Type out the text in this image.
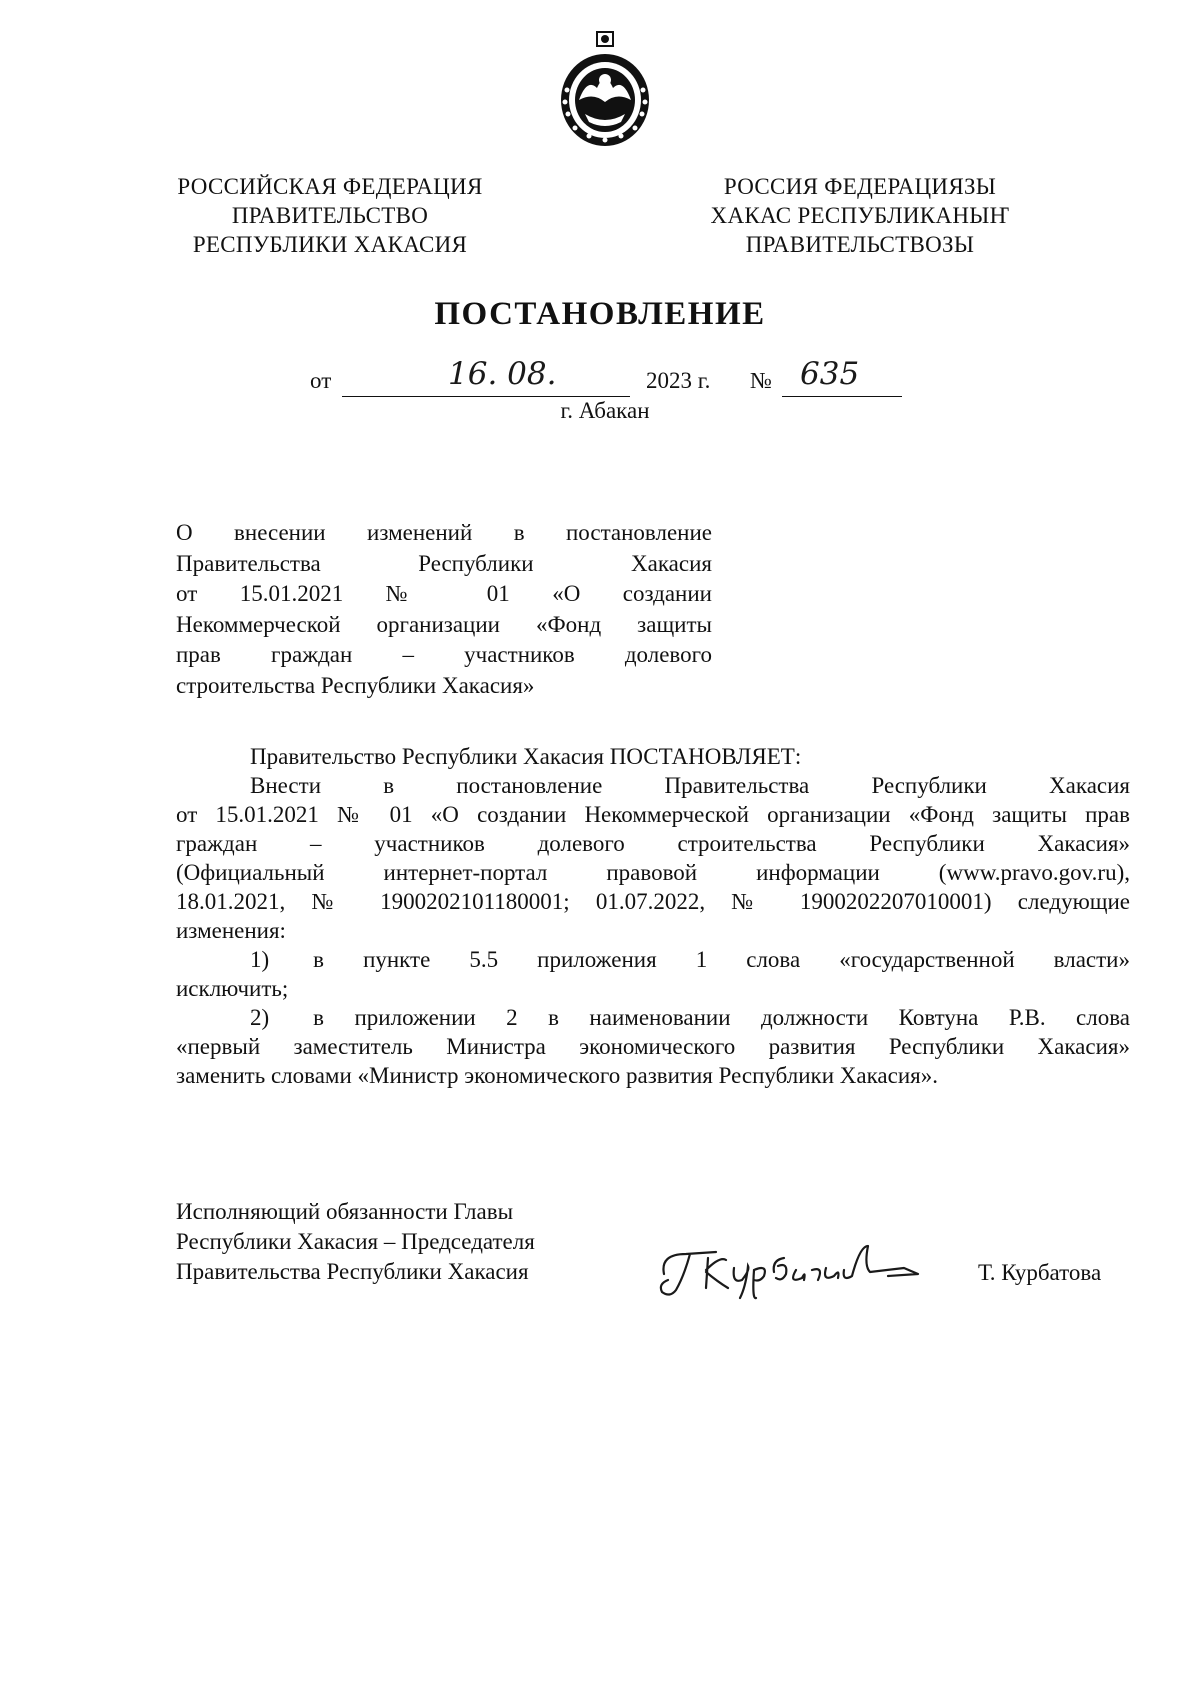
РОССИЙСКАЯ ФЕДЕРАЦИЯ
ПРАВИТЕЛЬСТВО
РЕСПУБЛИКИ ХАКАСИЯ
РОССИЯ ФЕДЕРАЦИЯЗЫ
ХАКАС РЕСПУБЛИКАНЫҤ
ПРАВИТЕЛЬСТВОЗЫ
ПОСТАНОВЛЕНИЕ
от	16. 08.	2023 г. № 635
г. Абакан
О внесении изменений в постановление
Правительства Республики Хакасия
от 15.01.2021 № 01 «О создании
Некоммерческой организации «Фонд защиты
прав граждан – участников долевого
строительства Республики Хакасия»
Правительство Республики Хакасия ПОСТАНОВЛЯЕТ:
Внести в постановление Правительства Республики Хакасия
от 15.01.2021 № 01 «О создании Некоммерческой организации «Фонд защиты прав
граждан – участников долевого строительства Республики Хакасия»
(Официальный интернет-портал правовой информации (www.pravo.gov.ru),
18.01.2021, № 1900202101180001; 01.07.2022, № 1900202207010001) следующие
изменения:
1) в пункте 5.5 приложения 1 слова «государственной власти»
исключить;
2) в приложении 2 в наименовании должности Ковтуна Р.В. слова
«первый заместитель Министра экономического развития Республики Хакасия»
заменить словами «Министр экономического развития Республики Хакасия».
Исполняющий обязанности Главы
Республики Хакасия – Председателя
Правительства Республики Хакасия	Т. Курбатова
